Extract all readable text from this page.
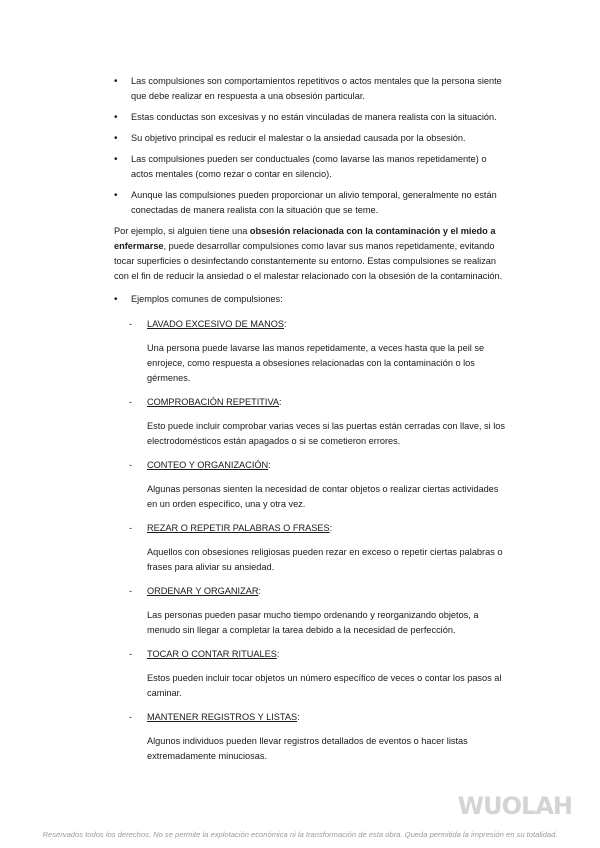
• Las compulsiones son comportamientos repetitivos o actos mentales que la persona siente que debe realizar en respuesta a una obsesión particular.
• Estas conductas son excesivas y no están vinculadas de manera realista con la situación.
• Su objetivo principal es reducir el malestar o la ansiedad causada por la obsesión.
• Las compulsiones pueden ser conductuales (como lavarse las manos repetidamente) o actos mentales (como rezar o contar en silencio).
• Aunque las compulsiones pueden proporcionar un alivio temporal, generalmente no están conectadas de manera realista con la situación que se teme.

Por ejemplo, si alguien tiene una obsesión relacionada con la contaminación y el miedo a enfermarse, puede desarrollar compulsiones como lavar sus manos repetidamente, evitando tocar superficies o desinfectando constantemente su entorno. Estas compulsiones se realizan con el fin de reducir la ansiedad o el malestar relacionado con la obsesión de la contaminación.

• Ejemplos comunes de compulsiones:
- LAVADO EXCESIVO DE MANOS:
Una persona puede lavarse las manos repetidamente, a veces hasta que la peil se enrojece, como respuesta a obsesiones relacionadas con la contaminación o los gérmenes.
- COMPROBACIÓN REPETITIVA:
Esto puede incluir comprobar varias veces si las puertas están cerradas con llave, si los electrodomésticos están apagados o si se cometieron errores.
- CONTEO Y ORGANIZACIÓN:
Algunas personas sienten la necesidad de contar objetos o realizar ciertas actividades en un orden específico, una y otra vez.
- REZAR O REPETIR PALABRAS O FRASES:
Aquellos con obsesiones religiosas pueden rezar en exceso o repetir ciertas palabras o frases para aliviar su ansiedad.
- ORDENAR Y ORGANIZAR:
Las personas pueden pasar mucho tiempo ordenando y reorganizando objetos, a menudo sin llegar a completar la tarea debido a la necesidad de perfección.
- TOCAR O CONTAR RITUALES:
Estos pueden incluir tocar objetos un número específico de veces o contar los pasos al caminar.
- MANTENER REGISTROS Y LISTAS:
Algunos individuos pueden llevar registros detallados de eventos o hacer listas extremadamente minuciosas.
WUOLAH
Reservados todos los derechos. No se permite la explotación económica ni la transformación de esta obra. Queda permitida la impresión en su totalidad.
